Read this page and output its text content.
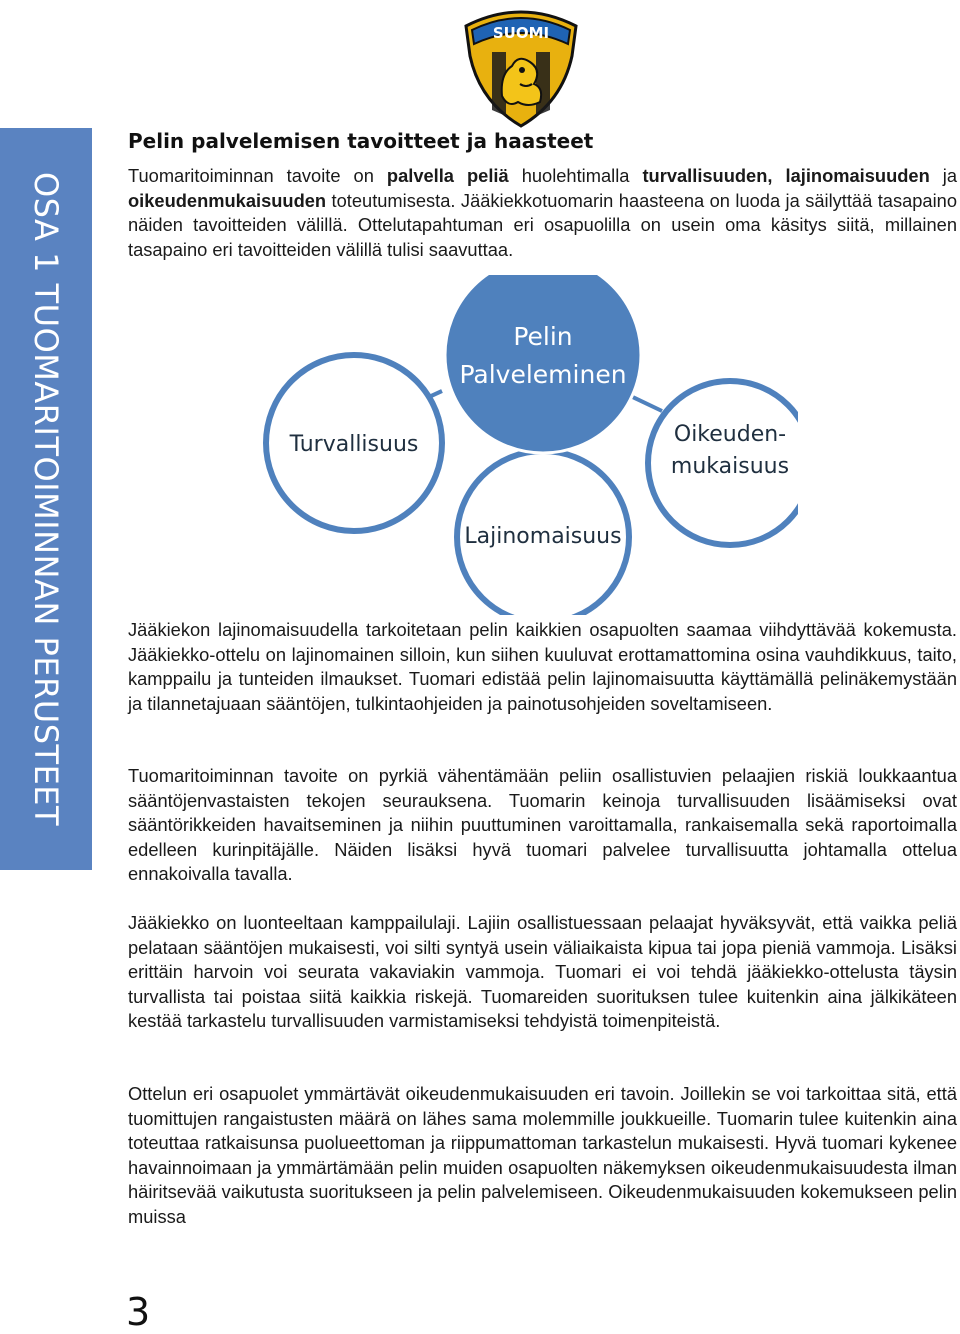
OSA 1 TUOMARITOIMINNAN PERUSTEET
SUOMI
Pelin palvelemisen tavoitteet ja haasteet

Tuomaritoiminnan tavoite on palvella peliä huolehtimalla turvallisuuden, lajinomaisuuden ja oikeudenmukaisuuden toteutumisesta. Jääkiekkotuomarin haasteena on luoda ja säilyttää tasapaino näiden tavoitteiden välillä. Ottelutapahtuman eri osapuolilla on usein oma käsitys siitä, millainen tasapaino eri tavoitteiden välillä tulisi saavuttaa.

Pelin
Palveleminen
Turvallisuus	Oikeuden-
mukaisuus
Lajinomaisuus

Jääkiekon lajinomaisuudella tarkoitetaan pelin kaikkien osapuolten saamaa viihdyttävää kokemusta. Jääkiekko-ottelu on lajinomainen silloin, kun siihen kuuluvat erottamattomina osina vauhdikkuus, taito, kamppailu ja tunteiden ilmaukset. Tuomari edistää pelin lajinomaisuutta käyttämällä pelinäkemystään ja tilannetajuaan sääntöjen, tulkintaohjeiden ja painotusohjeiden soveltamiseen.

Tuomaritoiminnan tavoite on pyrkiä vähentämään peliin osallistuvien pelaajien riskiä loukkaantua sääntöjenvastaisten tekojen seurauksena. Tuomarin keinoja turvallisuuden lisäämiseksi ovat sääntörikkeiden havaitseminen ja niihin puuttuminen varoittamalla, rankaisemalla sekä raportoimalla edelleen kurinpitäjälle. Näiden lisäksi hyvä tuomari palvelee turvallisuutta johtamalla ottelua ennakoivalla tavalla.

Jääkiekko on luonteeltaan kamppailulaji. Lajiin osallistuessaan pelaajat hyväksyvät, että vaikka peliä pelataan sääntöjen mukaisesti, voi silti syntyä usein väliaikaista kipua tai jopa pieniä vammoja. Lisäksi erittäin harvoin voi seurata vakaviakin vammoja. Tuomari ei voi tehdä jääkiekko-ottelusta täysin turvallista tai poistaa siitä kaikkia riskejä. Tuomareiden suorituksen tulee kuitenkin aina jälkikäteen kestää tarkastelu turvallisuuden varmistamiseksi tehdyistä toimenpiteistä.

Ottelun eri osapuolet ymmärtävät oikeudenmukaisuuden eri tavoin. Joillekin se voi tarkoittaa sitä, että tuomittujen rangaistusten määrä on lähes sama molemmille joukkueille. Tuomarin tulee kuitenkin aina toteuttaa ratkaisunsa puolueettoman ja riippumattoman tarkastelun mukaisesti. Hyvä tuomari kykenee havainnoimaan ja ymmärtämään pelin muiden osapuolten näkemyksen oikeudenmukaisuudesta ilman häiritsevää vaikutusta suoritukseen ja pelin palvelemiseen. Oikeudenmukaisuuden kokemukseen pelin muissa

3
